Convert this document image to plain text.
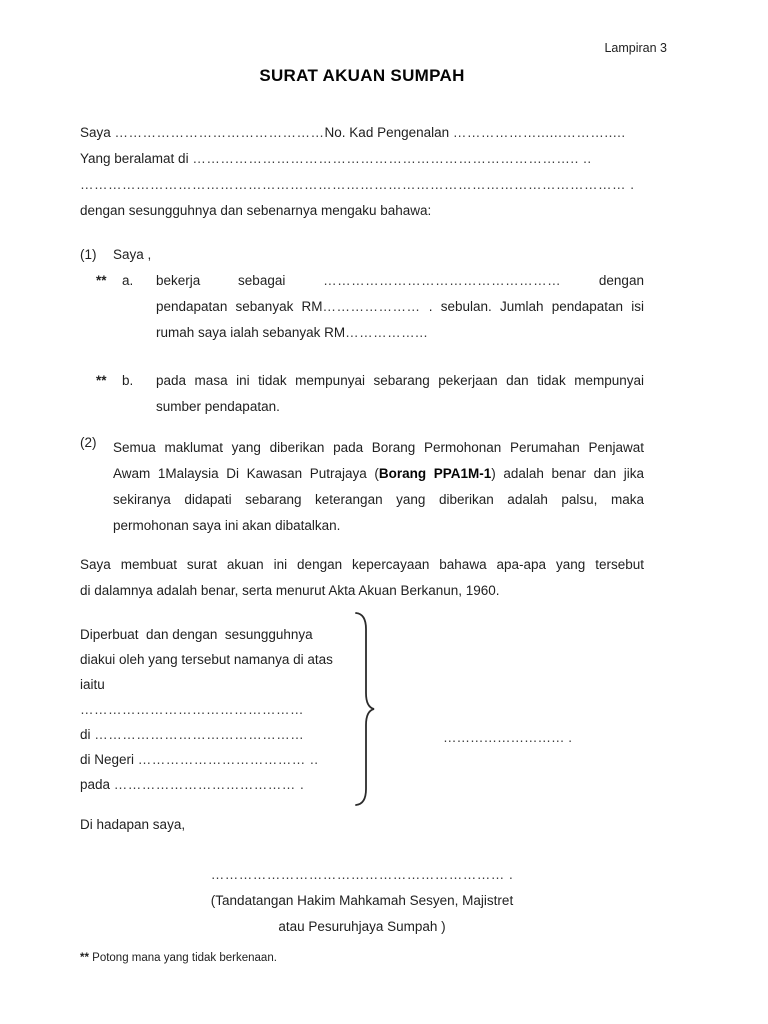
Lampiran 3
SURAT AKUAN SUMPAH
Saya ………………………………………No. Kad Pengenalan ………………......……….....
Yang beralamat di ……………………………………………………………………….. ..
……………………………………………………………………………………………………… .
dengan sesungguhnya dan sebenarnya mengaku bahawa:
(1)	Saya ,
**	a.	bekerja sebagai	……………………………………………	dengan
pendapatan sebanyak RM………………… . sebulan. Jumlah pendapatan isi
rumah saya ialah sebanyak RM……………...
**	b.	pada masa ini tidak mempunyai sebarang pekerjaan dan tidak mempunyai
sumber pendapatan.
(2)	Semua maklumat yang diberikan pada Borang Permohonan Perumahan Penjawat
Awam 1Malaysia Di Kawasan Putrajaya (Borang PPA1M-1) adalah benar dan jika
sekiranya didapati sebarang keterangan yang diberikan adalah palsu, maka
permohonan saya ini akan dibatalkan.
Saya membuat surat akuan ini dengan kepercayaan bahawa apa-apa yang tersebut
di dalamnya adalah benar, serta menurut Akta Akuan Berkanun, 1960.
Diperbuat  dan dengan  sesungguhnya
diakui oleh yang tersebut namanya di atas
iaitu
…………………………………………
di ………………………………………
di Negeri ……………………………… ..
pada ………………………………… .
……………………… .
Di hadapan saya,
……………………………………………………… .
(Tandatangan Hakim Mahkamah Sesyen, Majistret
atau Pesuruhjaya Sumpah )
** Potong mana yang tidak berkenaan.
